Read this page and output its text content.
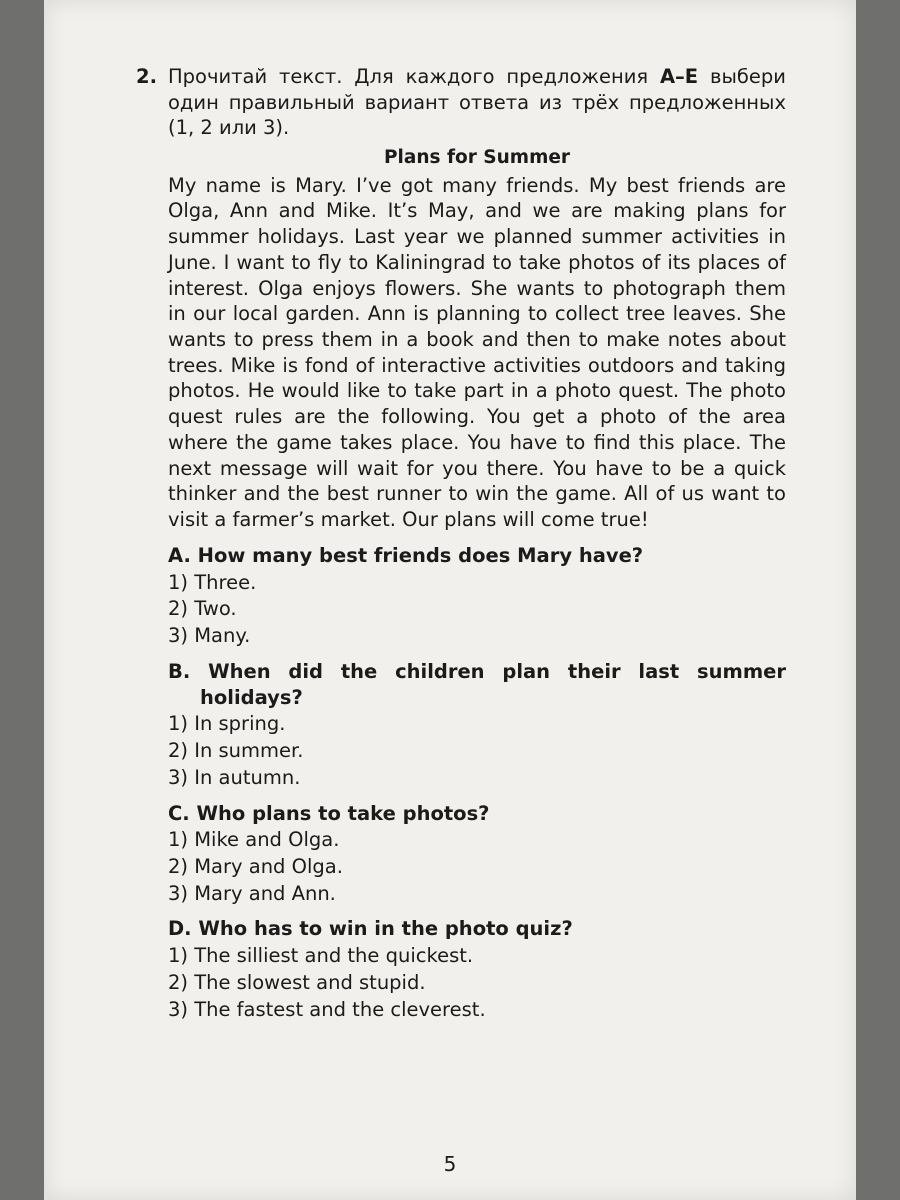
2. Прочитай текст. Для каждого предложения A–E выбери один правильный вариант ответа из трёх предложенных (1, 2 или 3).
Plans for Summer
My name is Mary. I’ve got many friends. My best friends are Olga, Ann and Mike. It’s May, and we are making plans for summer holidays. Last year we planned summer activities in June. I want to fly to Kaliningrad to take photos of its places of interest. Olga enjoys flowers. She wants to photograph them in our local garden. Ann is planning to collect tree leaves. She wants to press them in a book and then to make notes about trees. Mike is fond of interactive activities outdoors and taking photos. He would like to take part in a photo quest. The photo quest rules are the following. You get a photo of the area where the game takes place. You have to find this place. The next message will wait for you there. You have to be a quick thinker and the best runner to win the game. All of us want to visit a farmer’s market. Our plans will come true!
A. How many best friends does Mary have?
1) Three.
2) Two.
3) Many.
B. When did the children plan their last summer
holidays?
1) In spring.
2) In summer.
3) In autumn.
C. Who plans to take photos?
1) Mike and Olga.
2) Mary and Olga.
3) Mary and Ann.
D. Who has to win in the photo quiz?
1) The silliest and the quickest.
2) The slowest and stupid.
3) The fastest and the cleverest.
5
